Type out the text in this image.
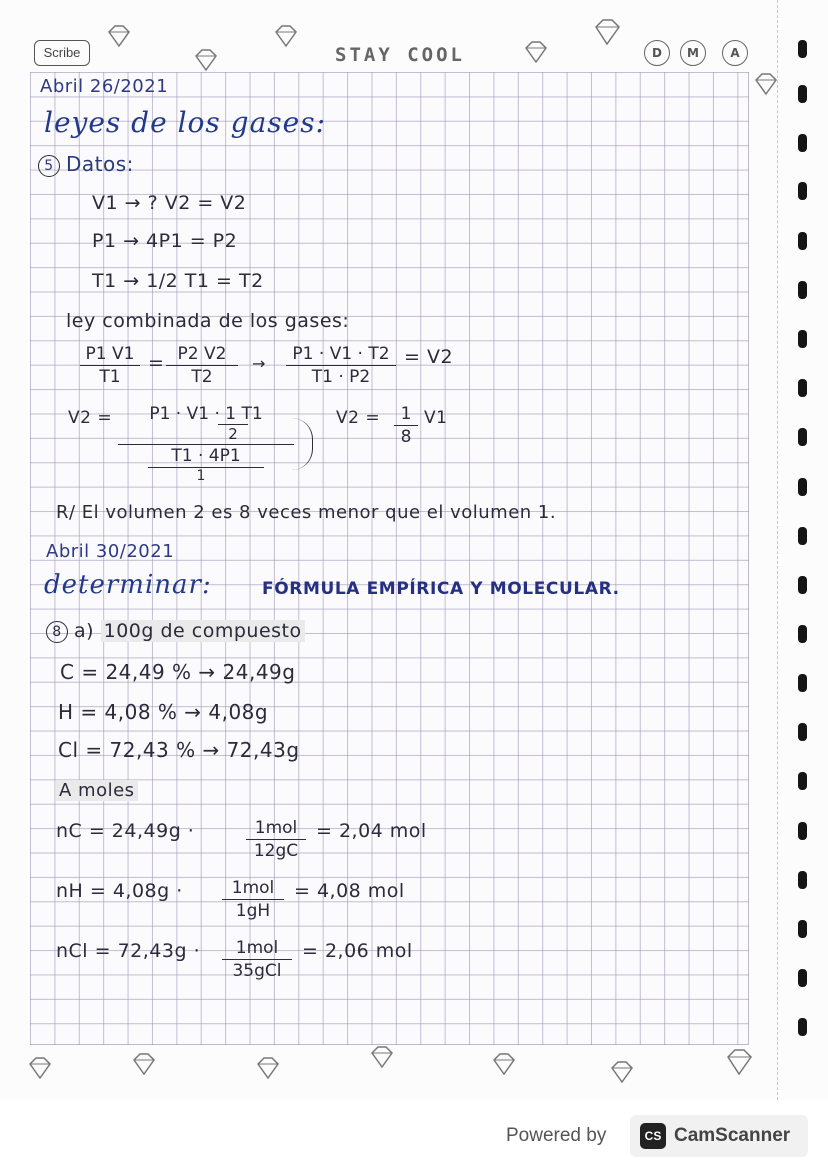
Scribe	STAY COOL	D	M	A
Abril 26/2021
leyes de los gases:
5 Datos:
V1 → ? V2 = V2
P1 → 4P1 = P2
T1 → 1/2 T1 = T2
ley combinada de los gases:
P1 V1
T1
= P2 V2
T2
→	P1 · V1 · T2
T1 · P2
= V2
V2 =	P1 · V1 · 1 T1
2
T1 · 4P1
1
V2 =	1
8
V1
R/ El volumen 2 es 8 veces menor que el volumen 1.
Abril 30/2021
determinar:	FÓRMULA EMPÍRICA Y MOLECULAR.
8 a) 100g de compuesto
C = 24,49 % → 24,49g
H = 4,08 % → 4,08g
Cl = 72,43 % → 72,43g
A moles
nC = 24,49g ·	1mol
12gC
= 2,04 mol
nH = 4,08g ·	1mol
1gH
= 4,08 mol
nCl = 72,43g ·	1mol
35gCl
= 2,06 mol
Powered by	CS CamScanner
